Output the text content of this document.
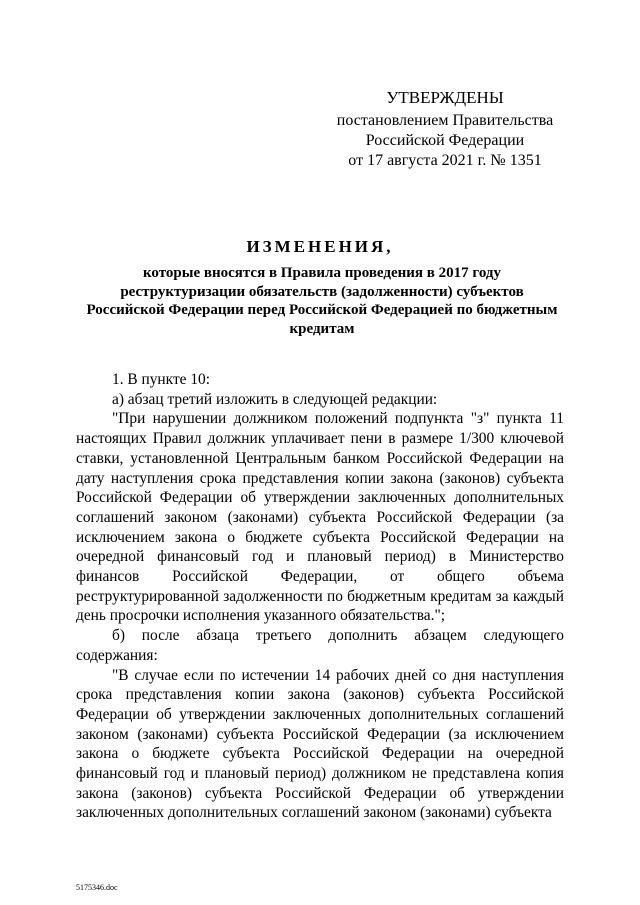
УТВЕРЖДЕНЫ
постановлением Правительства
Российской Федерации
от 17 августа 2021 г. № 1351
ИЗМЕНЕНИЯ,
которые вносятся в Правила проведения в 2017 году реструктуризации обязательств (задолженности) субъектов Российской Федерации перед Российской Федерацией по бюджетным кредитам

1. В пункте 10:

а) абзац третий изложить в следующей редакции:

"При нарушении должником положений подпункта "з" пункта 11 настоящих Правил должник уплачивает пени в размере 1/300 ключевой ставки, установленной Центральным банком Российской Федерации на дату наступления срока представления копии закона (законов) субъекта Российской Федерации об утверждении заключенных дополнительных соглашений законом (законами) субъекта Российской Федерации (за исключением закона о бюджете субъекта Российской Федерации на очередной финансовый год и плановый период) в Министерство финансов Российской Федерации, от общего объема реструктурированной задолженности по бюджетным кредитам за каждый день просрочки исполнения указанного обязательства.";

б) после абзаца третьего дополнить абзацем следующего содержания:

"В случае если по истечении 14 рабочих дней со дня наступления срока представления копии закона (законов) субъекта Российской Федерации об утверждении заключенных дополнительных соглашений законом (законами) субъекта Российской Федерации (за исключением закона о бюджете субъекта Российской Федерации на очередной финансовый год и плановый период) должником не представлена копия закона (законов) субъекта Российской Федерации об утверждении заключенных дополнительных соглашений законом (законами) субъекта

5175346.doc
